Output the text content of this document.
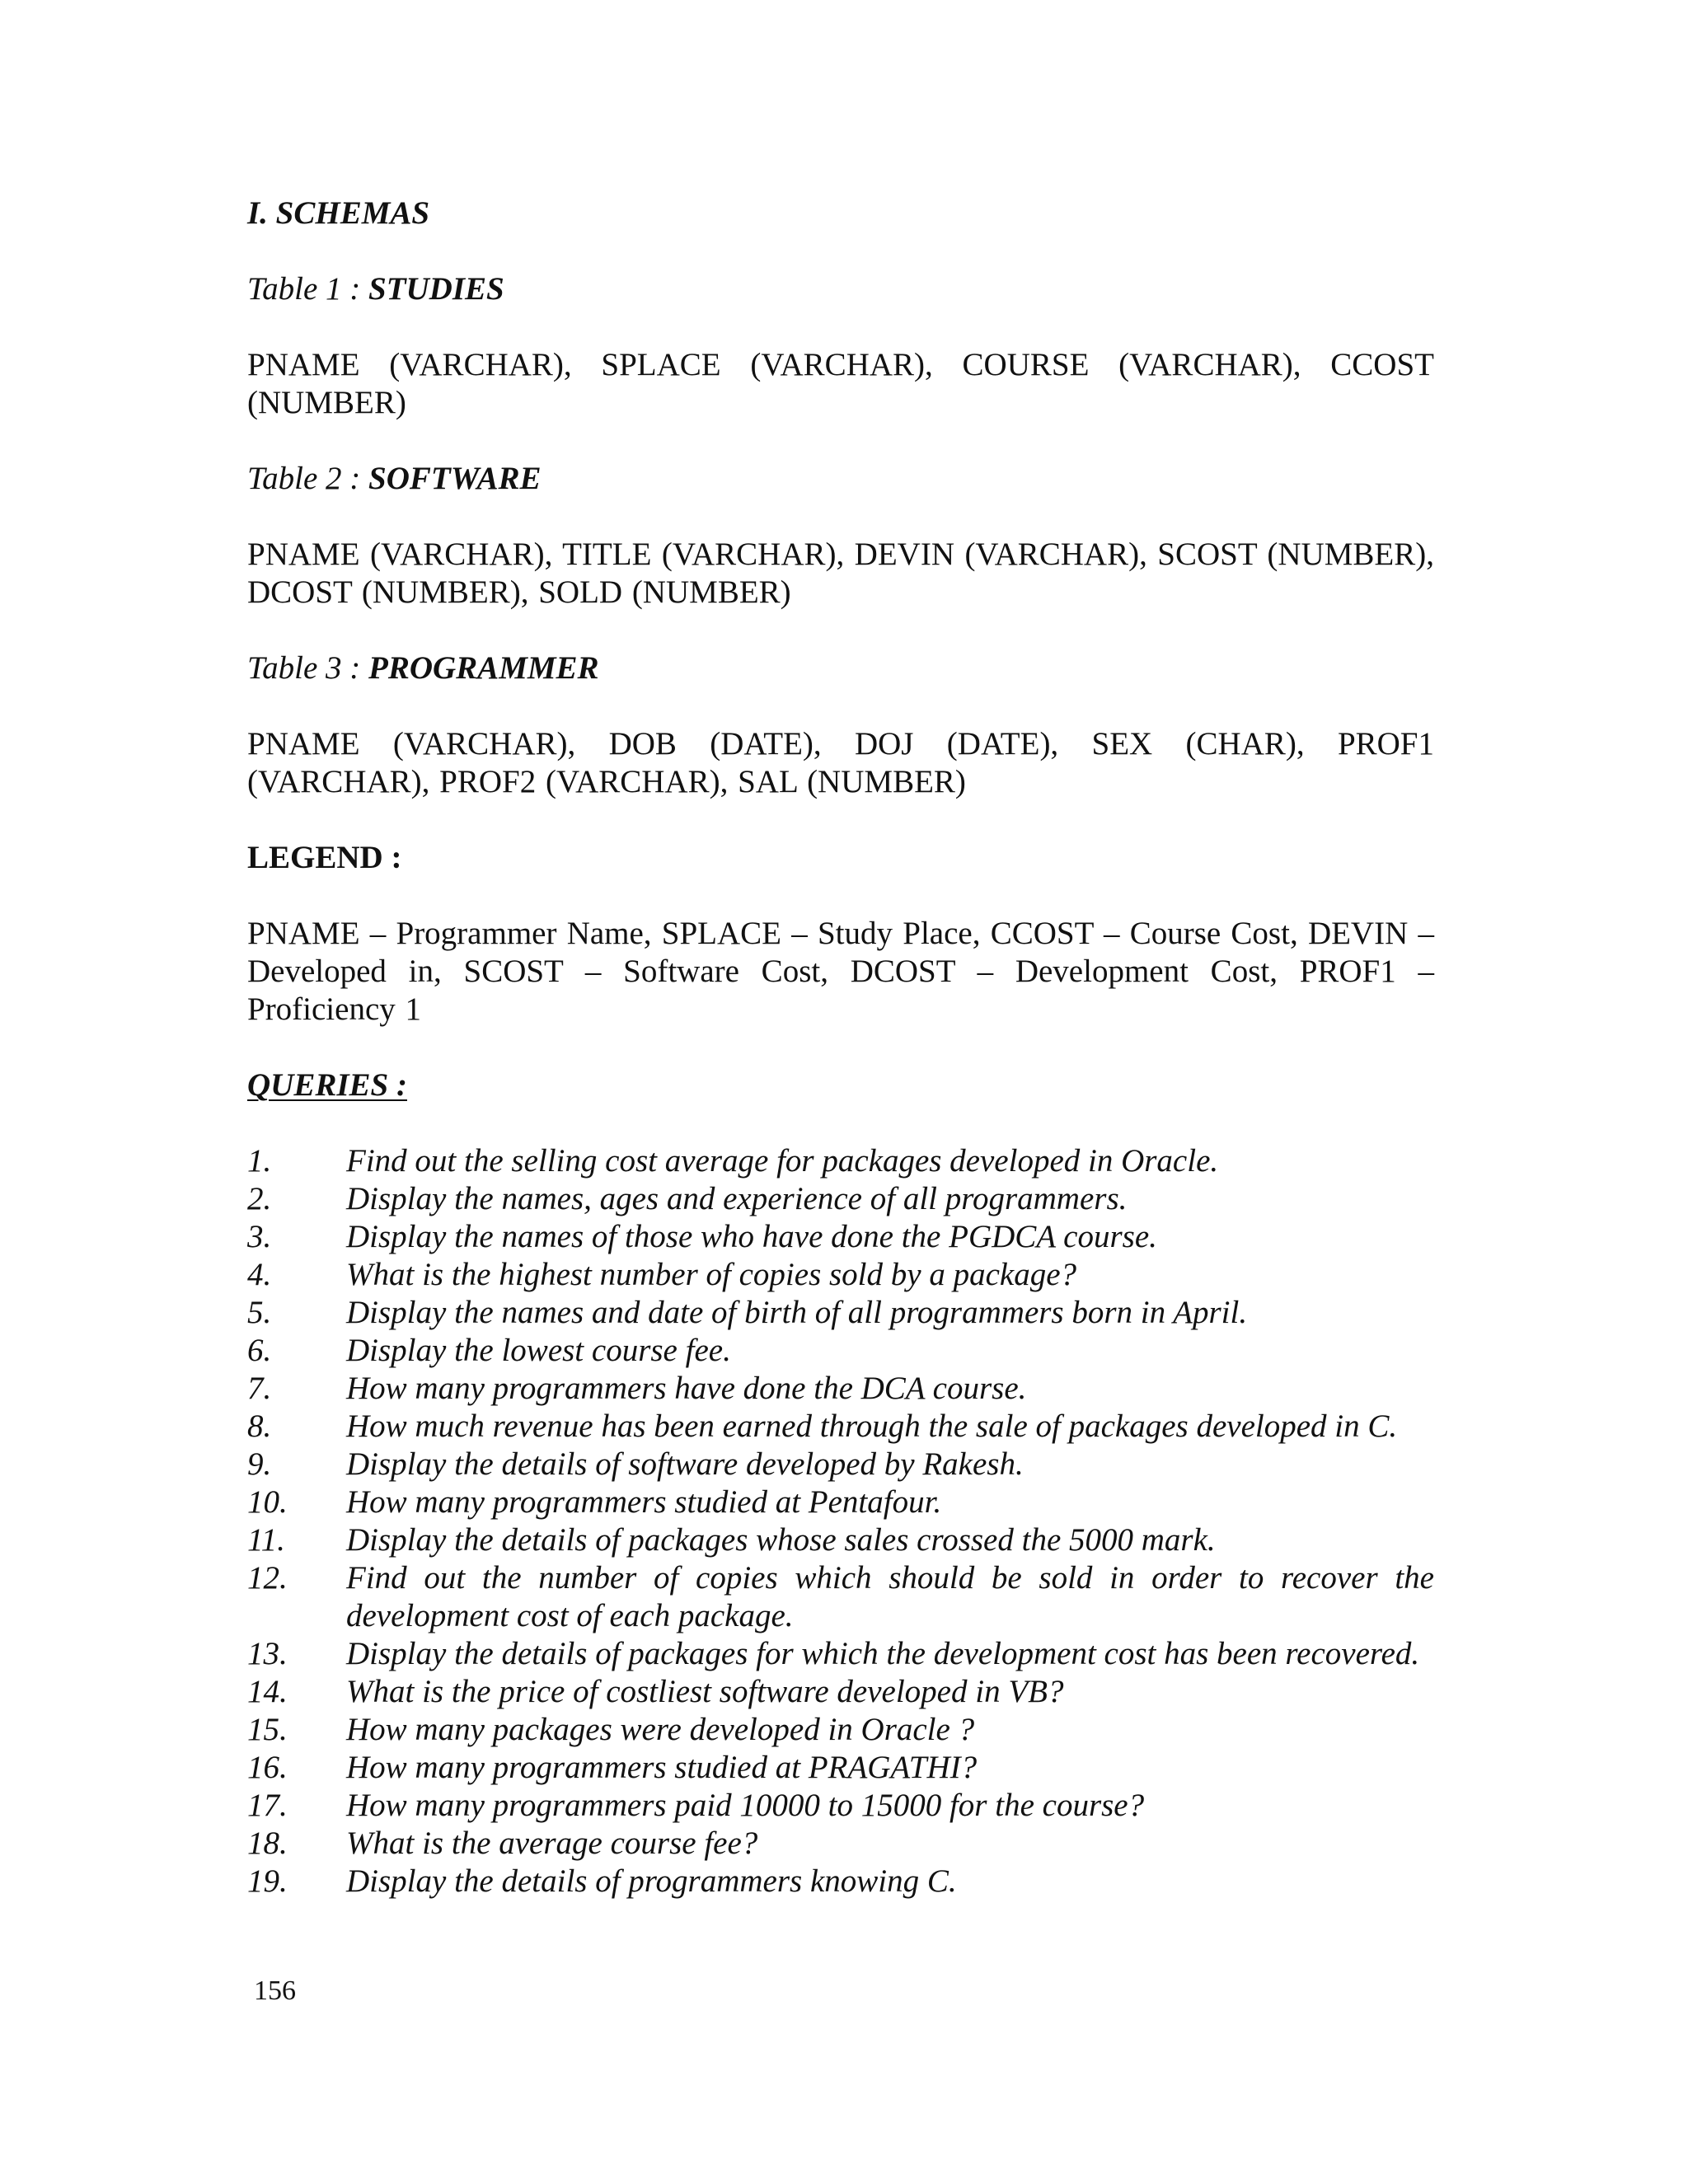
I. SCHEMAS

Table 1 : STUDIES

PNAME (VARCHAR), SPLACE (VARCHAR), COURSE (VARCHAR), CCOST (NUMBER)

Table 2 : SOFTWARE

PNAME (VARCHAR), TITLE (VARCHAR), DEVIN (VARCHAR), SCOST (NUMBER), DCOST (NUMBER), SOLD (NUMBER)

Table 3 : PROGRAMMER

PNAME (VARCHAR), DOB (DATE), DOJ (DATE), SEX (CHAR), PROF1 (VARCHAR), PROF2 (VARCHAR), SAL (NUMBER)

LEGEND :

PNAME – Programmer Name, SPLACE – Study Place, CCOST – Course Cost, DEVIN – Developed in, SCOST – Software Cost, DCOST – Development Cost, PROF1 – Proficiency 1

QUERIES :

1.	Find out the selling cost average for packages developed in Oracle.
2.	Display the names, ages and experience of all programmers.
3.	Display the names of those who have done the PGDCA course.
4.	What is the highest number of copies sold by a package?
5.	Display the names and date of birth of all programmers born in April.
6.	Display the lowest course fee.
7.	How many programmers have done the DCA course.
8.	How much revenue has been earned through the sale of packages developed in C.
9.	Display the details of software developed by Rakesh.
10.	How many programmers studied at Pentafour.
11.	Display the details of packages whose sales crossed the 5000 mark.
12.	Find out the number of copies which should be sold in order to recover the development cost of each package.
13.	Display the details of packages for which the development cost has been recovered.
14.	What is the price of costliest software developed in VB?
15.	How many packages were developed in Oracle ?
16.	How many programmers studied at PRAGATHI?
17.	How many programmers paid 10000 to 15000 for the course?
18.	What is the average course fee?
19.	Display the details of programmers knowing C.
156
